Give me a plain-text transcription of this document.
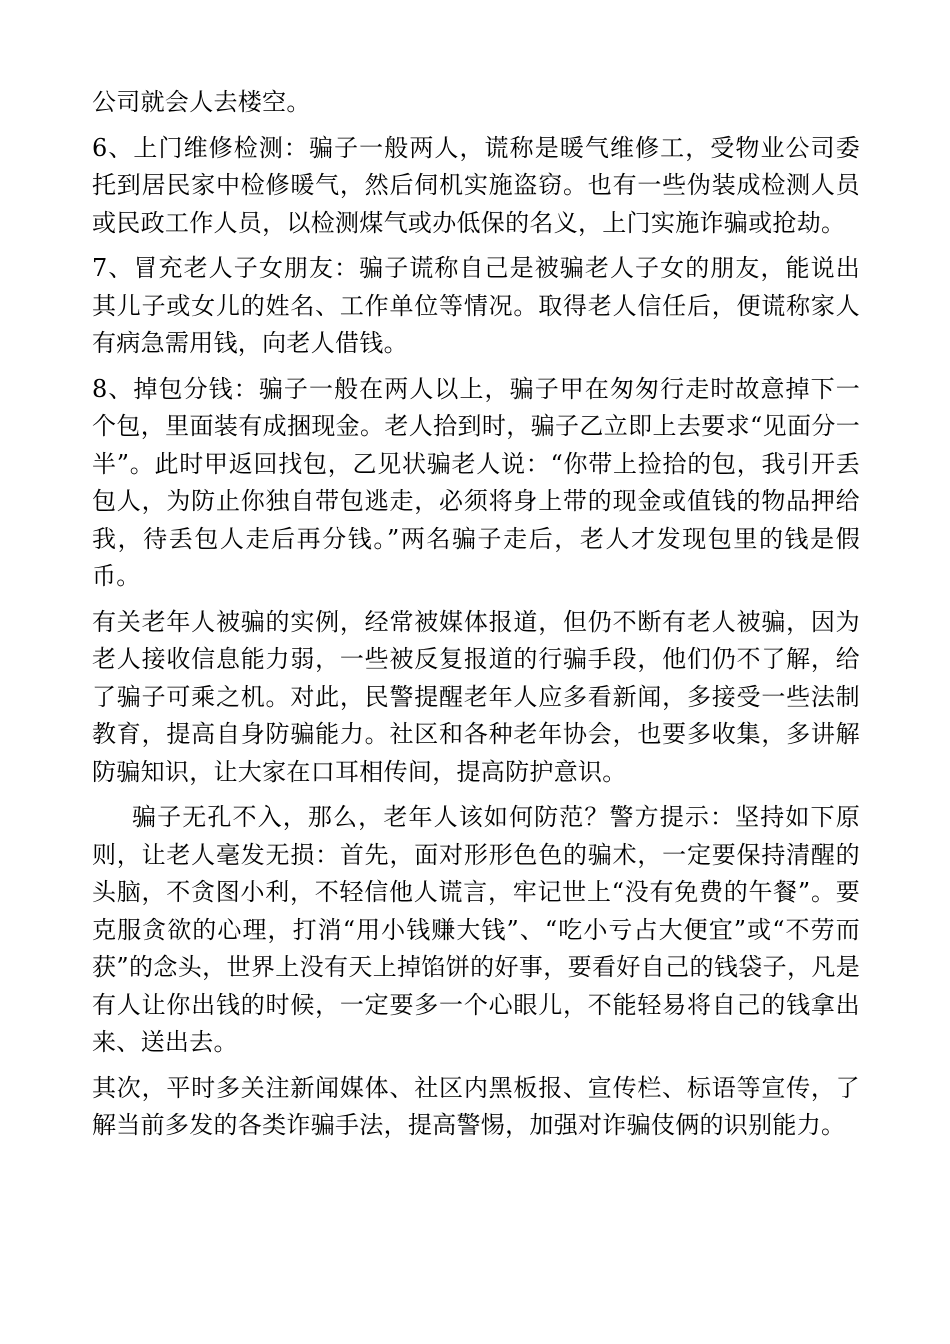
公司就会人去楼空。

6、上门维修检测：骗子一般两人，谎称是暖气维修工，受物业公司委托到居民家中检修暖气，然后伺机实施盗窃。也有一些伪装成检测人员或民政工作人员，以检测煤气或办低保的名义，上门实施诈骗或抢劫。

7、冒充老人子女朋友：骗子谎称自己是被骗老人子女的朋友，能说出其儿子或女儿的姓名、工作单位等情况。取得老人信任后，便谎称家人有病急需用钱，向老人借钱。

8、掉包分钱：骗子一般在两人以上，骗子甲在匆匆行走时故意掉下一个包，里面装有成捆现金。老人拾到时，骗子乙立即上去要求“见面分一半”。此时甲返回找包，乙见状骗老人说：“你带上捡拾的包，我引开丢包人，为防止你独自带包逃走，必须将身上带的现金或值钱的物品押给我，待丢包人走后再分钱。”两名骗子走后，老人才发现包里的钱是假币。

有关老年人被骗的实例，经常被媒体报道，但仍不断有老人被骗，因为老人接收信息能力弱，一些被反复报道的行骗手段，他们仍不了解，给了骗子可乘之机。对此，民警提醒老年人应多看新闻，多接受一些法制教育，提高自身防骗能力。社区和各种老年协会，也要多收集，多讲解防骗知识，让大家在口耳相传间，提高防护意识。

骗子无孔不入，那么，老年人该如何防范？警方提示：坚持如下原则，让老人毫发无损：首先，面对形形色色的骗术，一定要保持清醒的头脑，不贪图小利，不轻信他人谎言，牢记世上“没有免费的午餐”。要克服贪欲的心理，打消“用小钱赚大钱”、“吃小亏占大便宜”或“不劳而获”的念头，世界上没有天上掉馅饼的好事，要看好自己的钱袋子，凡是有人让你出钱的时候，一定要多一个心眼儿，不能轻易将自己的钱拿出来、送出去。

其次，平时多关注新闻媒体、社区内黑板报、宣传栏、标语等宣传，了解当前多发的各类诈骗手法，提高警惕，加强对诈骗伎俩的识别能力。
